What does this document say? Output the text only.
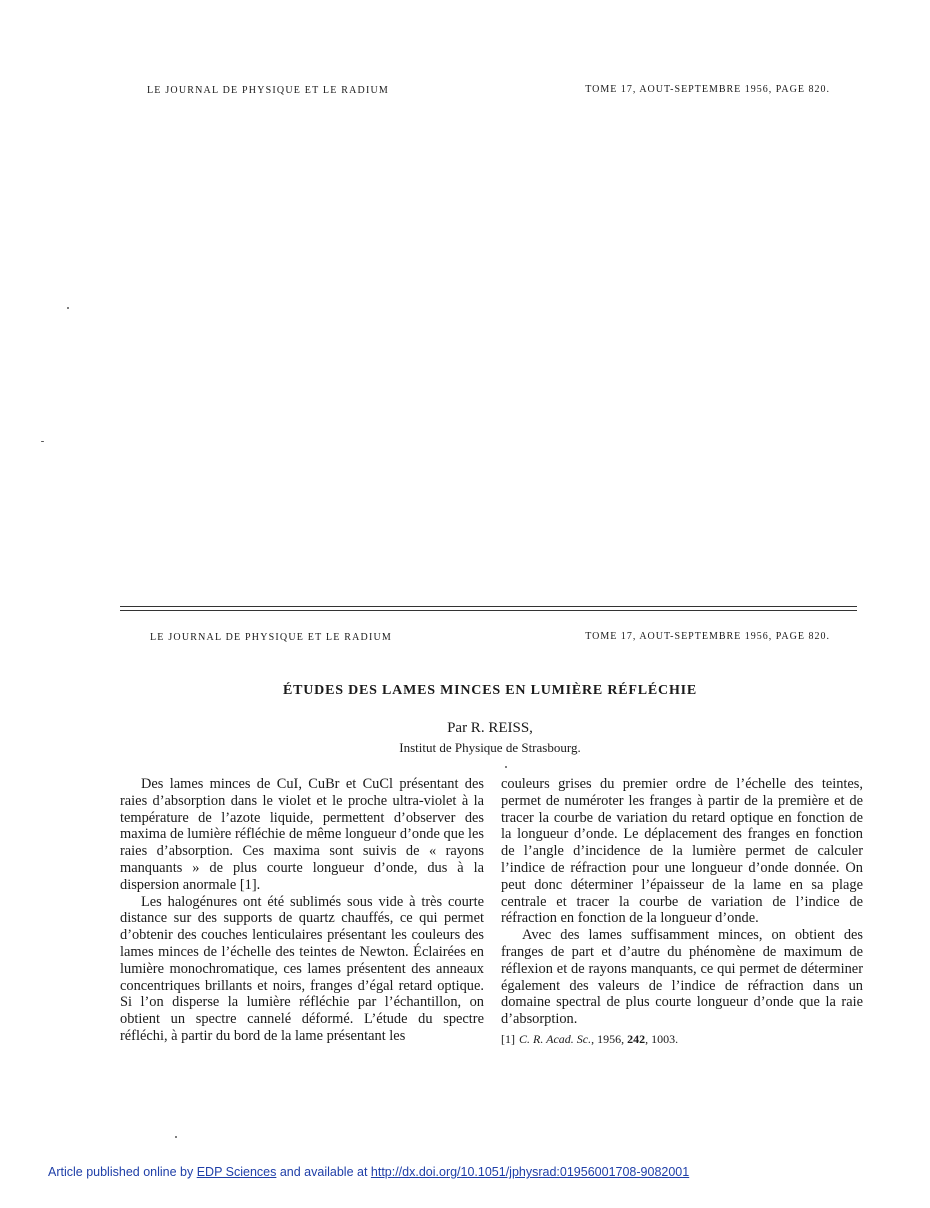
LE JOURNAL DE PHYSIQUE ET LE RADIUM	TOME 17, AOUT-SEPTEMBRE 1956, PAGE 820.
LE JOURNAL DE PHYSIQUE ET LE RADIUM	TOME 17, AOUT-SEPTEMBRE 1956, PAGE 820.
ÉTUDES DES LAMES MINCES EN LUMIÈRE RÉFLÉCHIE
Par R. REISS,
Institut de Physique de Strasbourg.

Des lames minces de CuI, CuBr et CuCl présentant des raies d’absorption dans le violet et le proche ultra-violet à la température de l’azote liquide, permettent d’observer des maxima de lumière réfléchie de même longueur d’onde que les raies d’absorption. Ces maxima sont suivis de « rayons manquants » de plus courte longueur d’onde, dus à la dispersion anormale [1].

Les halogénures ont été sublimés sous vide à très courte distance sur des supports de quartz chauffés, ce qui permet d’obtenir des couches lenticulaires présentant les couleurs des lames minces de l’échelle des teintes de Newton. Éclairées en lumière monochromatique, ces lames présentent des anneaux concentriques brillants et noirs, franges d’égal retard optique. Si l’on disperse la lumière réfléchie par l’échantillon, on obtient un spectre cannelé déformé. L’étude du spectre réfléchi, à partir du bord de la lame présentant les

couleurs grises du premier ordre de l’échelle des teintes, permet de numéroter les franges à partir de la première et de tracer la courbe de variation du retard optique en fonction de la longueur d’onde. Le déplacement des franges en fonction de l’angle d’incidence de la lumière permet de calculer l’indice de réfraction pour une longueur d’onde donnée. On peut donc déterminer l’épaisseur de la lame en sa plage centrale et tracer la courbe de variation de l’indice de réfraction en fonction de la longueur d’onde.

Avec des lames suffisamment minces, on obtient des franges de part et d’autre du phénomène de maximum de réflexion et de rayons manquants, ce qui permet de déterminer également des valeurs de l’indice de réfraction dans un domaine spectral de plus courte longueur d’onde que la raie d’absorption.

[1] C. R. Acad. Sc., 1956, 242, 1003.
Article published online by EDP Sciences and available at http://dx.doi.org/10.1051/jphysrad:01956001708-9082001
